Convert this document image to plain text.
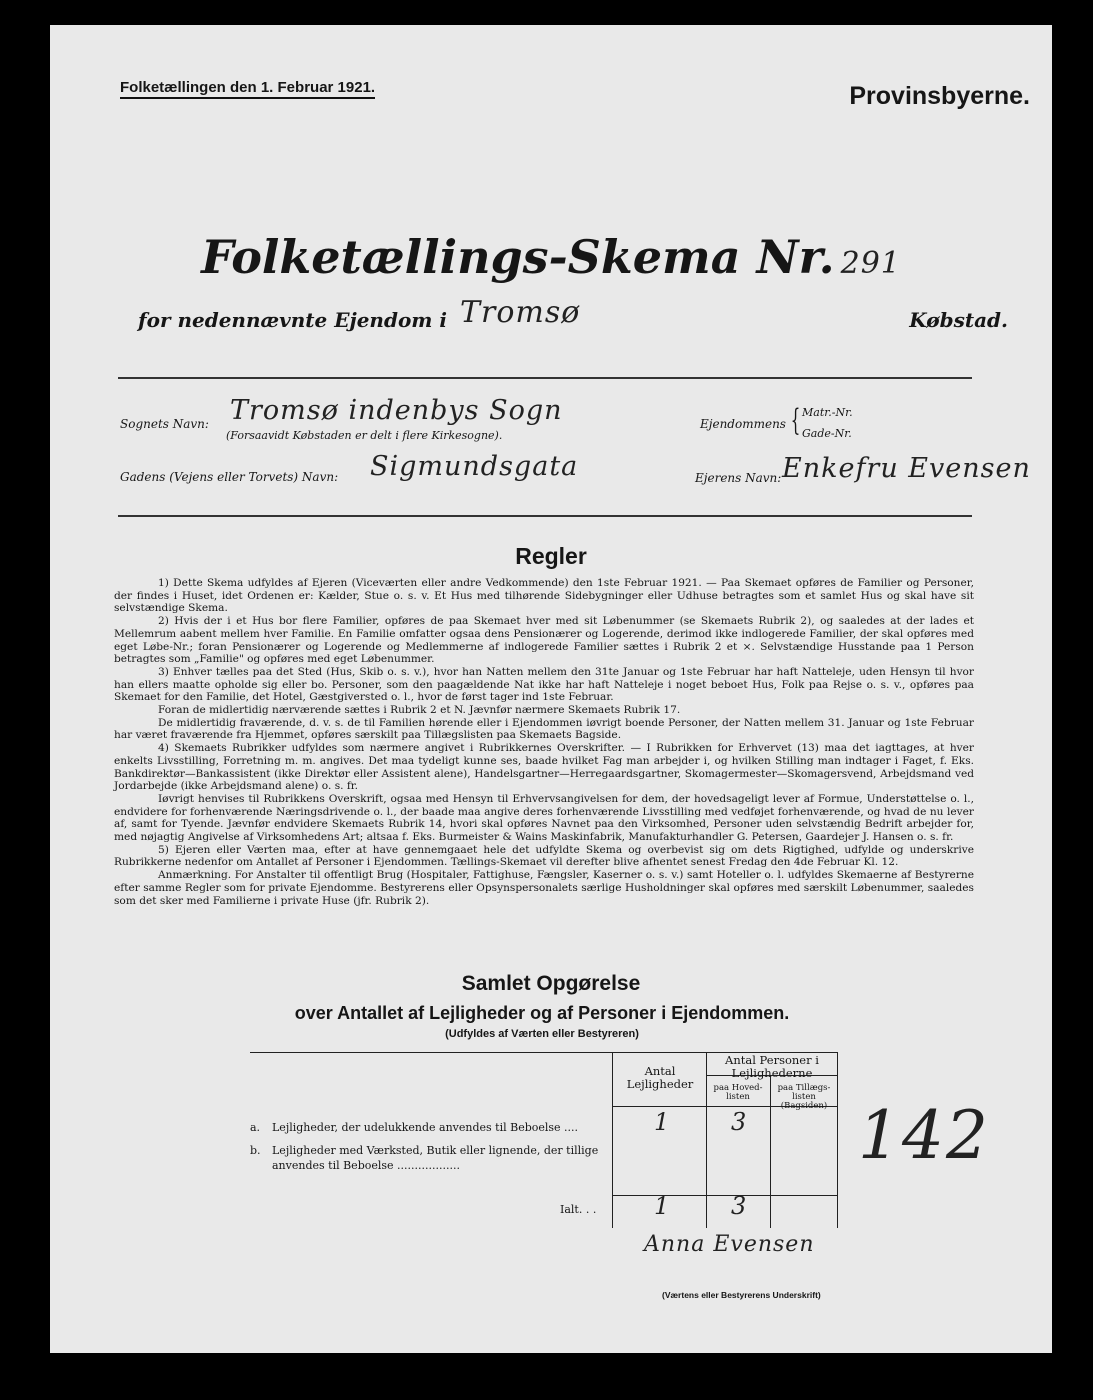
Folketællingen den 1. Februar 1921.	Provinsbyerne.
Folketællings-Skema Nr. 291
for nedennævnte Ejendom i Tromsø	Købstad.
Sognets Navn: Tromsø indenbys Sogn
(Forsaavidt Købstaden er delt i flere Kirkesogne).
Ejendommens { Matr.-Nr.
Gade-Nr.
Gadens (Vejens eller Torvets) Navn: Sigmundsgata	Ejerens Navn: Enkefru Evensen
Regler

1) Dette Skema udfyldes af Ejeren (Viceværten eller andre Vedkommende) den 1ste Februar 1921. — Paa Skemaet opføres de Familier og Personer, der findes i Huset, idet Ordenen er: Kælder, Stue o. s. v. Et Hus med tilhørende Sidebygninger eller Udhuse betragtes som et samlet Hus og skal have sit selvstændige Skema.

2) Hvis der i et Hus bor flere Familier, opføres de paa Skemaet hver med sit Løbenummer (se Skemaets Rubrik 2), og saaledes at der lades et Mellemrum aabent mellem hver Familie. En Familie omfatter ogsaa dens Pensionærer og Logerende, derimod ikke indlogerede Familier, der skal opføres med eget Løbe-Nr.; foran Pensionærer og Logerende og Medlemmerne af indlogerede Familier sættes i Rubrik 2 et ×. Selvstændige Husstande paa 1 Person betragtes som „Familie" og opføres med eget Løbenummer.

3) Enhver tælles paa det Sted (Hus, Skib o. s. v.), hvor han Natten mellem den 31te Januar og 1ste Februar har haft Natteleje, uden Hensyn til hvor han ellers maatte opholde sig eller bo. Personer, som den paagældende Nat ikke har haft Natteleje i noget beboet Hus, Folk paa Rejse o. s. v., opføres paa Skemaet for den Familie, det Hotel, Gæstgiversted o. l., hvor de først tager ind 1ste Februar.

Foran de midlertidig nærværende sættes i Rubrik 2 et N. Jævnfør nærmere Skemaets Rubrik 17.

De midlertidig fraværende, d. v. s. de til Familien hørende eller i Ejendommen iøvrigt boende Personer, der Natten mellem 31. Januar og 1ste Februar har været fraværende fra Hjemmet, opføres særskilt paa Tillægslisten paa Skemaets Bagside.

4) Skemaets Rubrikker udfyldes som nærmere angivet i Rubrikkernes Overskrifter. — I Rubrikken for Erhvervet (13) maa det iagttages, at hver enkelts Livsstilling, Forretning m. m. angives. Det maa tydeligt kunne ses, baade hvilket Fag man arbejder i, og hvilken Stilling man indtager i Faget, f. Eks. Bankdirektør—Bankassistent (ikke Direktør eller Assistent alene), Handelsgartner—Herregaardsgartner, Skomagermester—Skomagersvend, Arbejdsmand ved Jordarbejde (ikke Arbejdsmand alene) o. s. fr.

Iøvrigt henvises til Rubrikkens Overskrift, ogsaa med Hensyn til Erhvervsangivelsen for dem, der hovedsageligt lever af Formue, Understøttelse o. l., endvidere for forhenværende Næringsdrivende o. l., der baade maa angive deres forhenværende Livsstilling med vedføjet forhenværende, og hvad de nu lever af, samt for Tyende. Jævnfør endvidere Skemaets Rubrik 14, hvori skal opføres Navnet paa den Virksomhed, Personer uden selvstændig Bedrift arbejder for, med nøjagtig Angivelse af Virksomhedens Art; altsaa f. Eks. Burmeister & Wains Maskinfabrik, Manufakturhandler G. Petersen, Gaardejer J. Hansen o. s. fr.

5) Ejeren eller Værten maa, efter at have gennemgaaet hele det udfyldte Skema og overbevist sig om dets Rigtighed, udfylde og underskrive Rubrikkerne nedenfor om Antallet af Personer i Ejendommen. Tællings-Skemaet vil derefter blive afhentet senest Fredag den 4de Februar Kl. 12.

Anmærkning. For Anstalter til offentligt Brug (Hospitaler, Fattighuse, Fængsler, Kaserner o. s. v.) samt Hoteller o. l. udfyldes Skemaerne af Bestyrerne efter samme Regler som for private Ejendomme. Bestyrerens eller Opsynspersonalets særlige Husholdninger skal opføres med særskilt Løbenummer, saaledes som det sker med Familierne i private Huse (jfr. Rubrik 2).

Samlet Opgørelse
over Antallet af Lejligheder og af Personer i Ejendommen.
(Udfyldes af Værten eller Bestyreren)
Antal Lejligheder
Antal Personer i Lejlighederne
paa Hoved-listen
paa Tillægs-listen (Bagsiden)
a. Lejligheder, der udelukkende anvendes til Beboelse ....	1	3
b. Lejligheder med Værksted, Butik eller lignende, der tillige anvendes til Beboelse ..................
Ialt. . . 1	3
142
Anna Evensen
(Værtens eller Bestyrerens Underskrift)
